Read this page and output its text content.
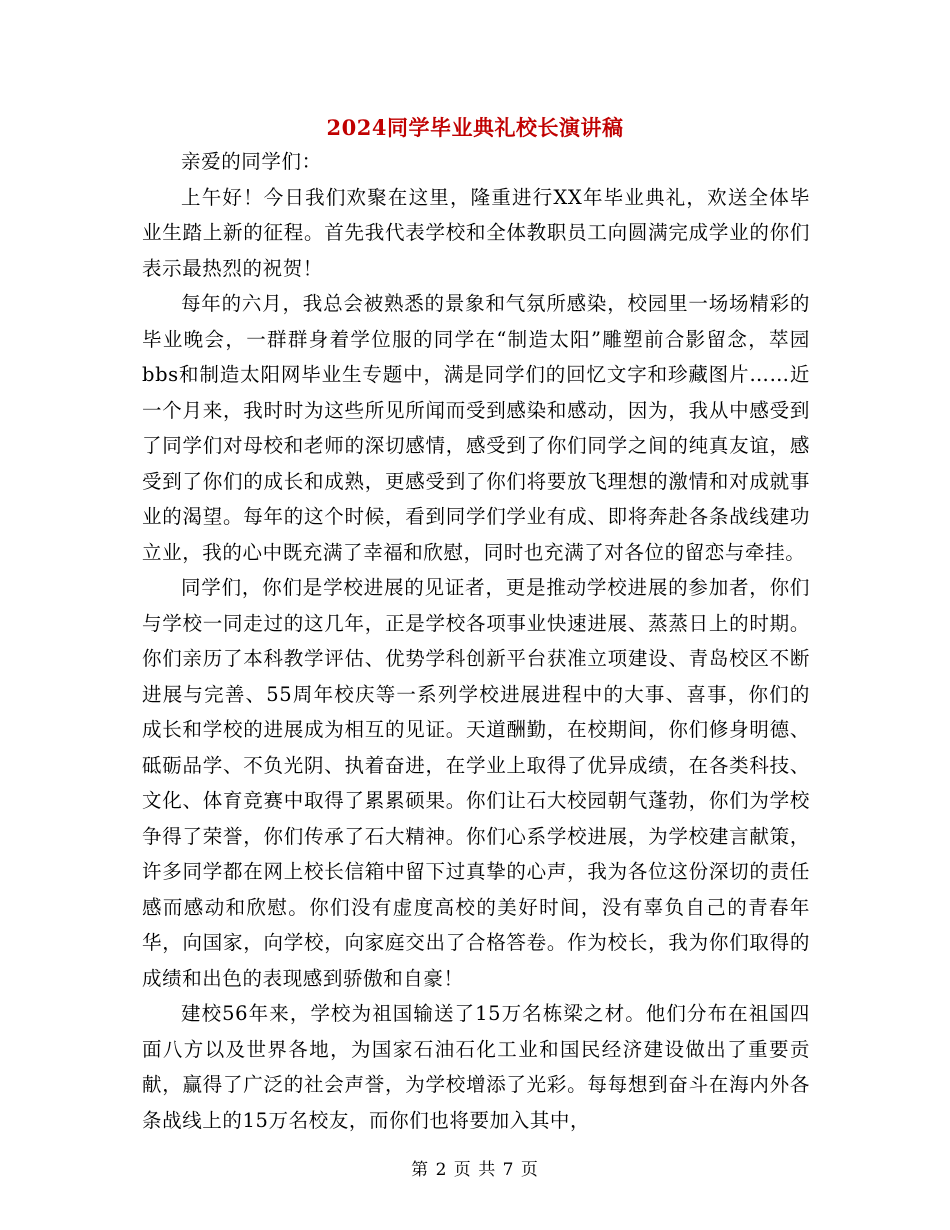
2024同学毕业典礼校长演讲稿

亲爱的同学们：

上午好！今日我们欢聚在这里，隆重进行XX年毕业典礼，欢送全体毕业生踏上新的征程。首先我代表学校和全体教职员工向圆满完成学业的你们表示最热烈的祝贺！

每年的六月，我总会被熟悉的景象和气氛所感染，校园里一场场精彩的毕业晚会，一群群身着学位服的同学在“制造太阳”雕塑前合影留念，萃园bbs和制造太阳网毕业生专题中，满是同学们的回忆文字和珍藏图片……近一个月来，我时时为这些所见所闻而受到感染和感动，因为，我从中感受到了同学们对母校和老师的深切感情，感受到了你们同学之间的纯真友谊，感受到了你们的成长和成熟，更感受到了你们将要放飞理想的激情和对成就事业的渴望。每年的这个时候，看到同学们学业有成、即将奔赴各条战线建功立业，我的心中既充满了幸福和欣慰，同时也充满了对各位的留恋与牵挂。

同学们，你们是学校进展的见证者，更是推动学校进展的参加者，你们与学校一同走过的这几年，正是学校各项事业快速进展、蒸蒸日上的时期。你们亲历了本科教学评估、优势学科创新平台获准立项建设、青岛校区不断进展与完善、55周年校庆等一系列学校进展进程中的大事、喜事，你们的成长和学校的进展成为相互的见证。天道酬勤，在校期间，你们修身明德、砥砺品学、不负光阴、执着奋进，在学业上取得了优异成绩，在各类科技、文化、体育竞赛中取得了累累硕果。你们让石大校园朝气蓬勃，你们为学校争得了荣誉，你们传承了石大精神。你们心系学校进展，为学校建言献策，许多同学都在网上校长信箱中留下过真挚的心声，我为各位这份深切的责任感而感动和欣慰。你们没有虚度高校的美好时间，没有辜负自己的青春年华，向国家，向学校，向家庭交出了合格答卷。作为校长，我为你们取得的成绩和出色的表现感到骄傲和自豪！

建校56年来，学校为祖国输送了15万名栋梁之材。他们分布在祖国四面八方以及世界各地，为国家石油石化工业和国民经济建设做出了重要贡献，赢得了广泛的社会声誉，为学校增添了光彩。每每想到奋斗在海内外各条战线上的15万名校友，而你们也将要加入其中，

第 2 页 共 7 页
